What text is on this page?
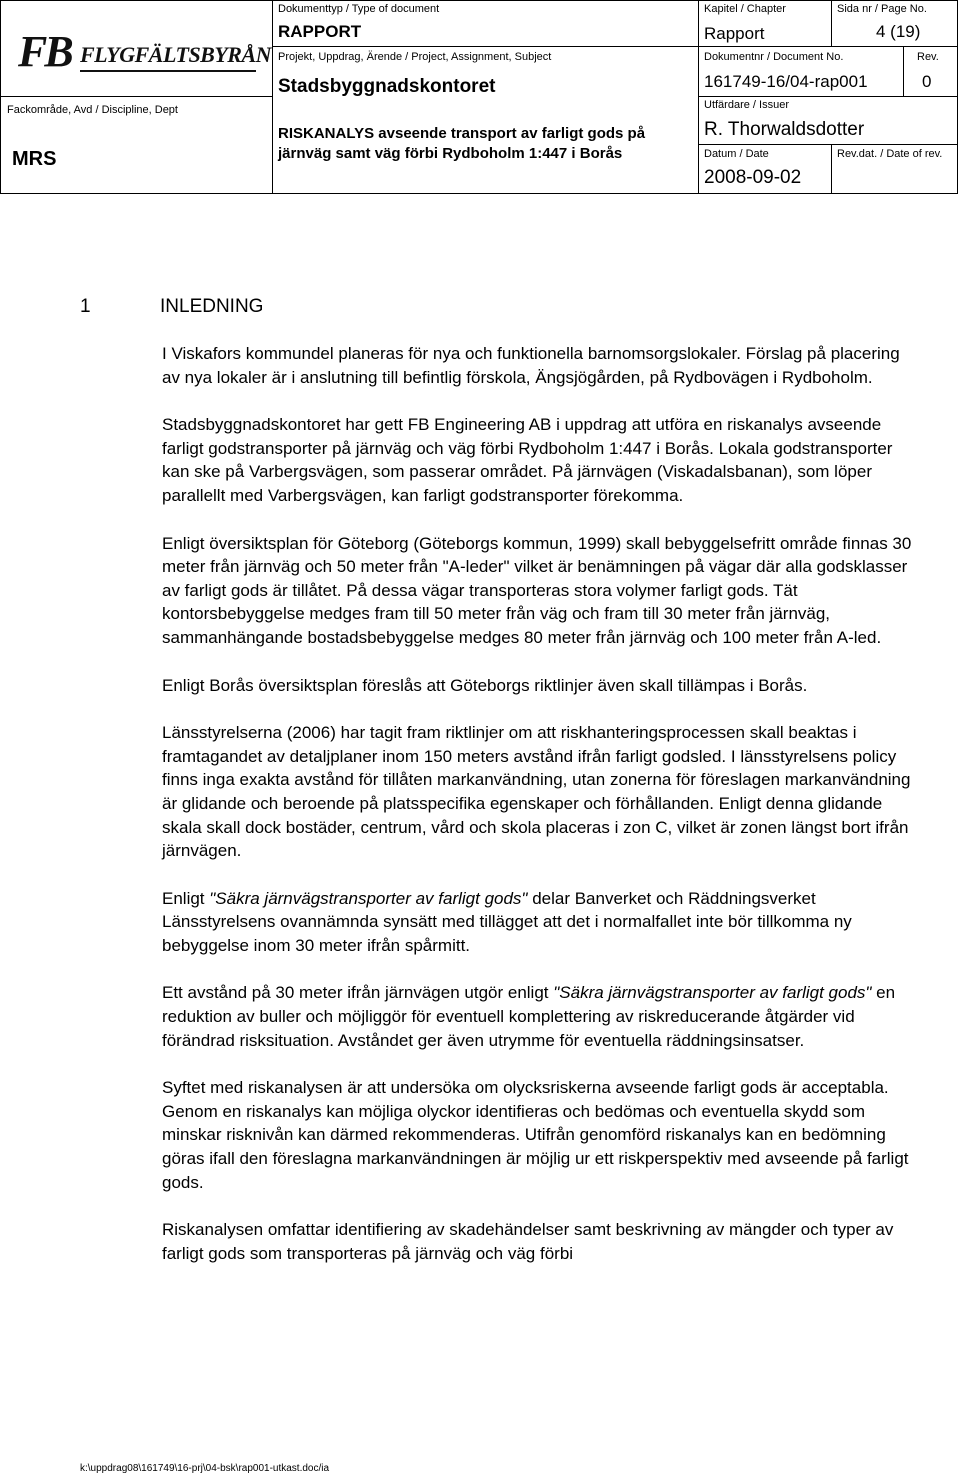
FB FLYGFÄLTSBYRÅN
Fackområde, Avd / Discipline, Dept
MRS
Dokumenttyp / Type of document
RAPPORT
Projekt, Uppdrag, Ärende / Project, Assignment, Subject
Stadsbyggnadskontoret
RISKANALYS avseende transport av farligt gods på järnväg samt väg förbi Rydboholm 1:447 i Borås
Kapitel / Chapter
Rapport
Sida nr / Page No.
4 (19)
Dokumentnr / Document No.
161749-16/04-rap001
Rev.
0
Utfärdare / Issuer
R. Thorwaldsdotter
Datum / Date
2008-09-02
Rev.dat. / Date of rev.
1	INLEDNING

I Viskafors kommundel planeras för nya och funktionella barnomsorgslokaler. Förslag på placering av nya lokaler är i anslutning till befintlig förskola, Ängsjögården, på Rydbovägen i Rydboholm.

Stadsbyggnadskontoret har gett FB Engineering AB i uppdrag att utföra en riskanalys avseende farligt godstransporter på järnväg och väg förbi Rydboholm 1:447 i Borås. Lokala godstransporter kan ske på Varbergsvägen, som passerar området. På järnvägen (Viskadalsbanan), som löper parallellt med Varbergsvägen, kan farligt godstransporter förekomma.

Enligt översiktsplan för Göteborg (Göteborgs kommun, 1999) skall bebyggelsefritt område finnas 30 meter från järnväg och 50 meter från "A-leder" vilket är benämningen på vägar där alla godsklasser av farligt gods är tillåtet. På dessa vägar transporteras stora volymer farligt gods. Tät kontorsbebyggelse medges fram till 50 meter från väg och fram till 30 meter från järnväg, sammanhängande bostadsbebyggelse medges 80 meter från järnväg och 100 meter från A-led.

Enligt Borås översiktsplan föreslås att Göteborgs riktlinjer även skall tillämpas i Borås.

Länsstyrelserna (2006) har tagit fram riktlinjer om att riskhanteringsprocessen skall beaktas i framtagandet av detaljplaner inom 150 meters avstånd ifrån farligt godsled. I länsstyrelsens policy finns inga exakta avstånd för tillåten markanvändning, utan zonerna för föreslagen markanvändning är glidande och beroende på platsspecifika egenskaper och förhållanden. Enligt denna glidande skala skall dock bostäder, centrum, vård och skola placeras i zon C, vilket är zonen längst bort ifrån järnvägen.

Enligt "Säkra järnvägstransporter av farligt gods" delar Banverket och Räddningsverket Länsstyrelsens ovannämnda synsätt med tillägget att det i normalfallet inte bör tillkomma ny bebyggelse inom 30 meter ifrån spårmitt.

Ett avstånd på 30 meter ifrån järnvägen utgör enligt "Säkra järnvägstransporter av farligt gods" en reduktion av buller och möjliggör för eventuell komplettering av riskreducerande åtgärder vid förändrad risksituation. Avståndet ger även utrymme för eventuella räddningsinsatser.

Syftet med riskanalysen är att undersöka om olycksriskerna avseende farligt gods är acceptabla. Genom en riskanalys kan möjliga olyckor identifieras och bedömas och eventuella skydd som minskar risknivån kan därmed rekommenderas. Utifrån genomförd riskanalys kan en bedömning göras ifall den föreslagna markanvändningen är möjlig ur ett riskperspektiv med avseende på farligt gods.

Riskanalysen omfattar identifiering av skadehändelser samt beskrivning av mängder och typer av farligt gods som transporteras på järnväg och väg förbi

k:\uppdrag08\161749\16-prj\04-bsk\rap001-utkast.doc/ia
